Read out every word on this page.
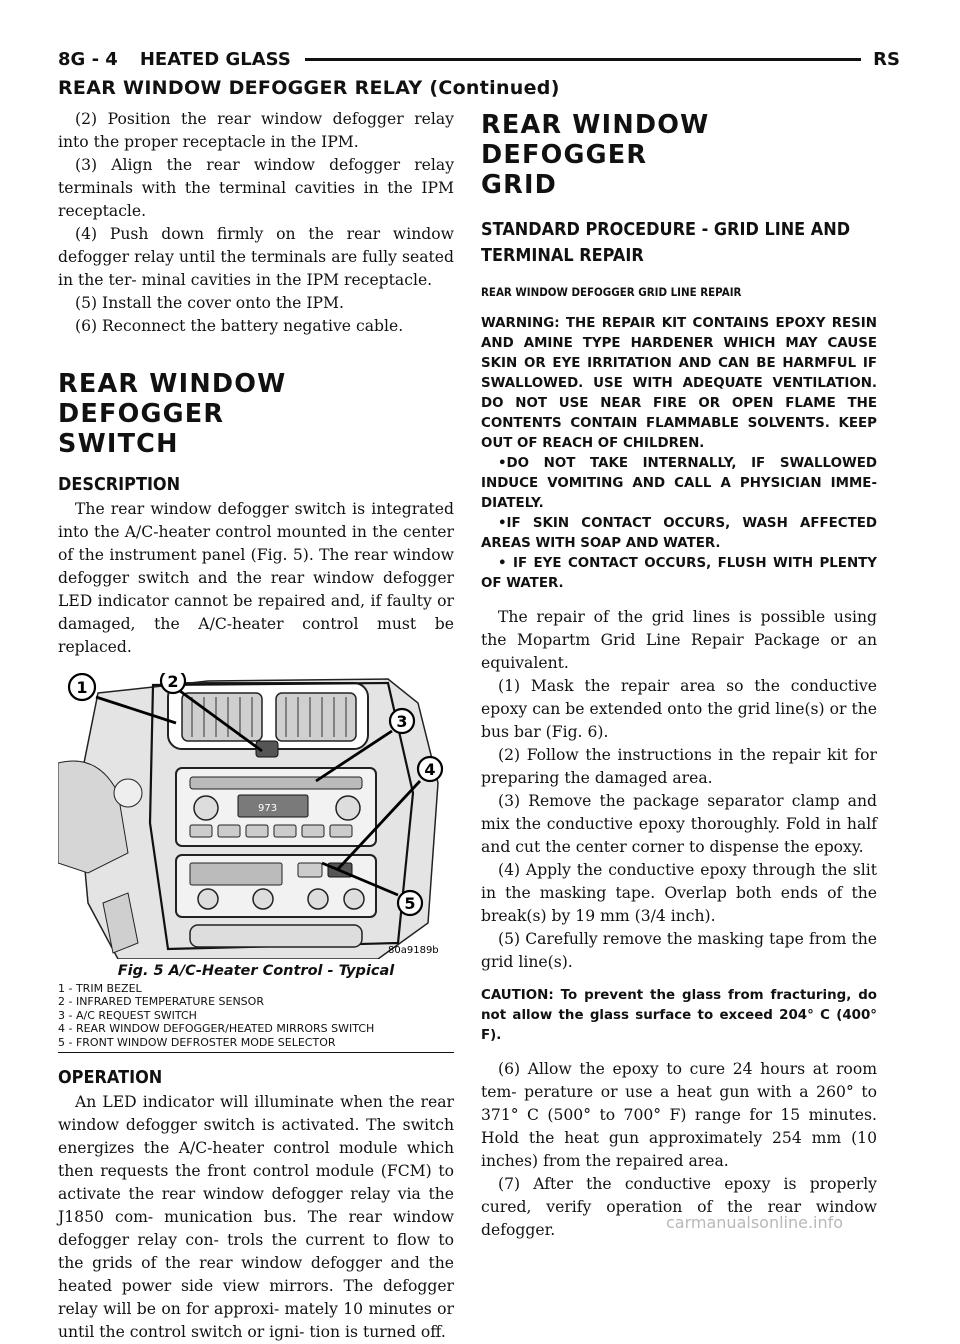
8G - 4 HEATED GLASS	RS
REAR WINDOW DEFOGGER RELAY (Continued)

(2) Position the rear window defogger relay into the proper receptacle in the IPM.

(3) Align the rear window defogger relay terminals with the terminal cavities in the IPM receptacle.

(4) Push down firmly on the rear window defogger relay until the terminals are fully seated in the ter- minal cavities in the IPM receptacle.

(5) Install the cover onto the IPM.

(6) Reconnect the battery negative cable.

REAR WINDOW DEFOGGER
SWITCH
DESCRIPTION

The rear window defogger switch is integrated into the A/C-heater control mounted in the center of the instrument panel (Fig. 5). The rear window defogger switch and the rear window defogger LED indicator cannot be repaired and, if faulty or damaged, the A/C-heater control must be replaced.

973
1	2
3
4
5
80a9189b
Fig. 5 A/C-Heater Control - Typical

1 - TRIM BEZEL

2 - INFRARED TEMPERATURE SENSOR

3 - A/C REQUEST SWITCH

4 - REAR WINDOW DEFOGGER/HEATED MIRRORS SWITCH

5 - FRONT WINDOW DEFROSTER MODE SELECTOR

OPERATION

An LED indicator will illuminate when the rear window defogger switch is activated. The switch energizes the A/C-heater control module which then requests the front control module (FCM) to activate the rear window defogger relay via the J1850 com- munication bus. The rear window defogger relay con- trols the current to flow to the grids of the rear window defogger and the heated power side view mirrors. The defogger relay will be on for approxi- mately 10 minutes or until the control switch or igni- tion is turned off.

REAR WINDOW DEFOGGER
GRID
STANDARD PROCEDURE - GRID LINE AND
TERMINAL REPAIR
REAR WINDOW DEFOGGER GRID LINE REPAIR

WARNING: THE REPAIR KIT CONTAINS EPOXY RESIN AND AMINE TYPE HARDENER WHICH MAY CAUSE SKIN OR EYE IRRITATION AND CAN BE HARMFUL IF SWALLOWED. USE WITH ADEQUATE VENTILATION. DO NOT USE NEAR FIRE OR OPEN FLAME THE CONTENTS CONTAIN FLAMMABLE SOLVENTS. KEEP OUT OF REACH OF CHILDREN.

•DO NOT TAKE INTERNALLY, IF SWALLOWED INDUCE VOMITING AND CALL A PHYSICIAN IMME- DIATELY.

•IF SKIN CONTACT OCCURS, WASH AFFECTED AREAS WITH SOAP AND WATER.

• IF EYE CONTACT OCCURS, FLUSH WITH PLENTY OF WATER.

The repair of the grid lines is possible using the Mopartm Grid Line Repair Package or an equivalent.

(1) Mask the repair area so the conductive epoxy can be extended onto the grid line(s) or the bus bar (Fig. 6).

(2) Follow the instructions in the repair kit for preparing the damaged area.

(3) Remove the package separator clamp and mix the conductive epoxy thoroughly. Fold in half and cut the center corner to dispense the epoxy.

(4) Apply the conductive epoxy through the slit in the masking tape. Overlap both ends of the break(s) by 19 mm (3/4 inch).

(5) Carefully remove the masking tape from the grid line(s).

CAUTION: To prevent the glass from fracturing, do not allow the glass surface to exceed 204° C (400° F).

(6) Allow the epoxy to cure 24 hours at room tem- perature or use a heat gun with a 260° to 371° C (500° to 700° F) range for 15 minutes. Hold the heat gun approximately 254 mm (10 inches) from the repaired area.

(7) After the conductive epoxy is properly cured, verify operation of the rear window defogger.	carmanualsonline.info
